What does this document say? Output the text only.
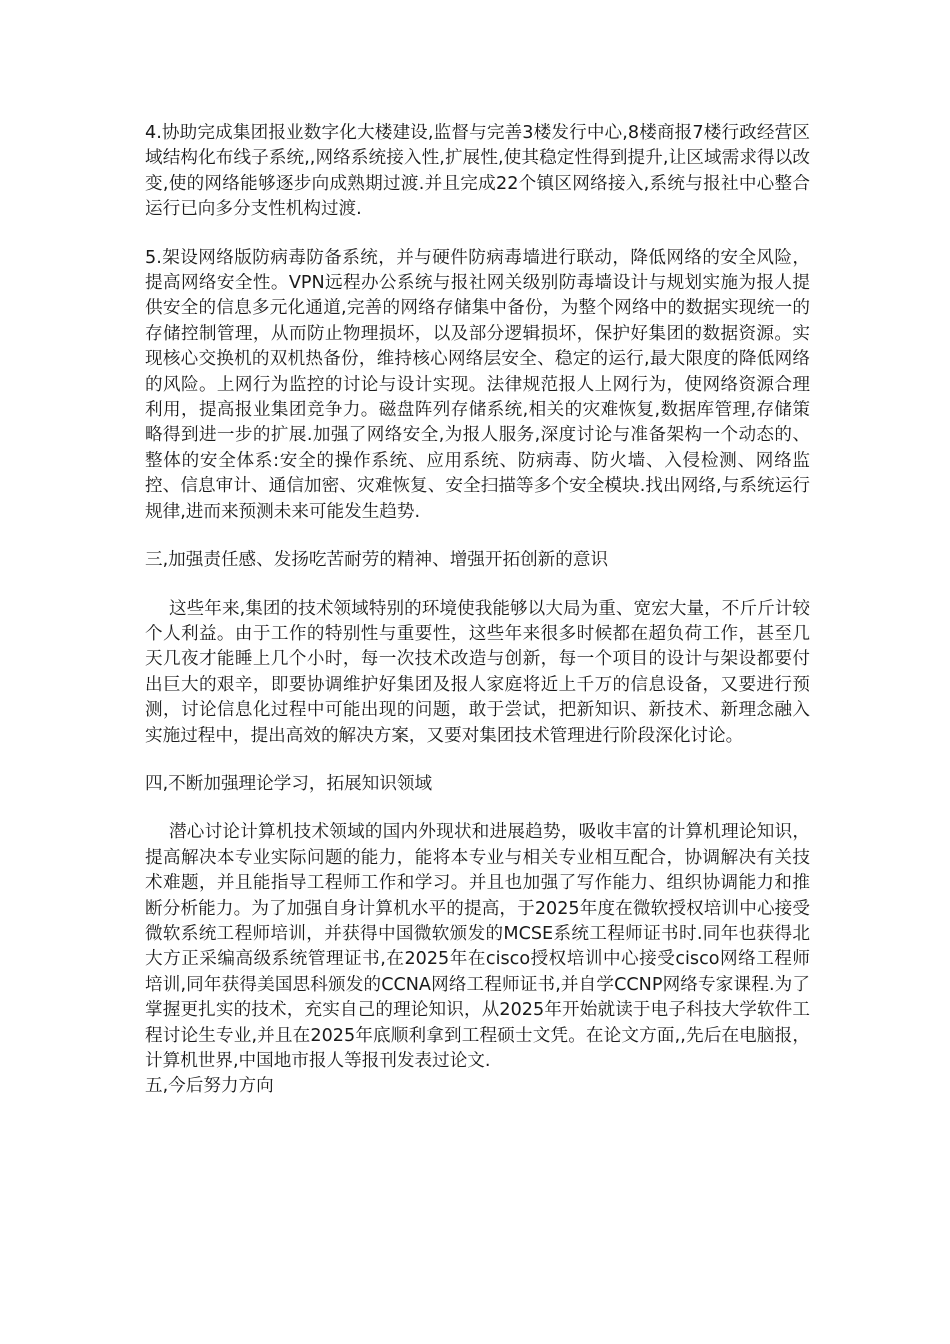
4.协助完成集团报业数字化大楼建设,监督与完善3楼发行中心,8楼商报7楼行政经营区域结构化布线子系统,,网络系统接入性,扩展性,使其稳定性得到提升,让区域需求得以改变,使的网络能够逐步向成熟期过渡.并且完成22个镇区网络接入,系统与报社中心整合运行已向多分支性机构过渡.

5.架设网络版防病毒防备系统，并与硬件防病毒墙进行联动，降低网络的安全风险，提高网络安全性。VPN远程办公系统与报社网关级别防毒墙设计与规划实施为报人提供安全的信息多元化通道,完善的网络存储集中备份，为整个网络中的数据实现统一的存储控制管理，从而防止物理损坏，以及部分逻辑损坏，保护好集团的数据资源。实现核心交换机的双机热备份，维持核心网络层安全、稳定的运行,最大限度的降低网络的风险。上网行为监控的讨论与设计实现。法律规范报人上网行为，使网络资源合理利用，提高报业集团竞争力。磁盘阵列存储系统,相关的灾难恢复,数据库管理,存储策略得到进一步的扩展.加强了网络安全,为报人服务,深度讨论与准备架构一个动态的、整体的安全体系:安全的操作系统、应用系统、防病毒、防火墙、入侵检测、网络监控、信息审计、通信加密、灾难恢复、安全扫描等多个安全模块.找出网络,与系统运行规律,进而来预测未来可能发生趋势.

三,加强责任感、发扬吃苦耐劳的精神、增强开拓创新的意识

这些年来,集团的技术领域特别的环境使我能够以大局为重、宽宏大量，不斤斤计较个人利益。由于工作的特别性与重要性，这些年来很多时候都在超负荷工作，甚至几天几夜才能睡上几个小时，每一次技术改造与创新，每一个项目的设计与架设都要付出巨大的艰辛，即要协调维护好集团及报人家庭将近上千万的信息设备，又要进行预测，讨论信息化过程中可能出现的问题，敢于尝试，把新知识、新技术、新理念融入实施过程中，提出高效的解决方案，又要对集团技术管理进行阶段深化讨论。

四,不断加强理论学习，拓展知识领域

潜心讨论计算机技术领域的国内外现状和进展趋势，吸收丰富的计算机理论知识，提高解决本专业实际问题的能力，能将本专业与相关专业相互配合，协调解决有关技术难题，并且能指导工程师工作和学习。并且也加强了写作能力、组织协调能力和推断分析能力。为了加强自身计算机水平的提高，于2025年度在微软授权培训中心接受微软系统工程师培训，并获得中国微软颁发的MCSE系统工程师证书时.同年也获得北大方正采编高级系统管理证书,在2025年在cisco授权培训中心接受cisco网络工程师培训,同年获得美国思科颁发的CCNA网络工程师证书,并自学CCNP网络专家课程.为了掌握更扎实的技术，充实自己的理论知识，从2025年开始就读于电子科技大学软件工程讨论生专业,并且在2025年底顺利拿到工程硕士文凭。在论文方面,,先后在电脑报，计算机世界,中国地市报人等报刊发表过论文.

五,今后努力方向
